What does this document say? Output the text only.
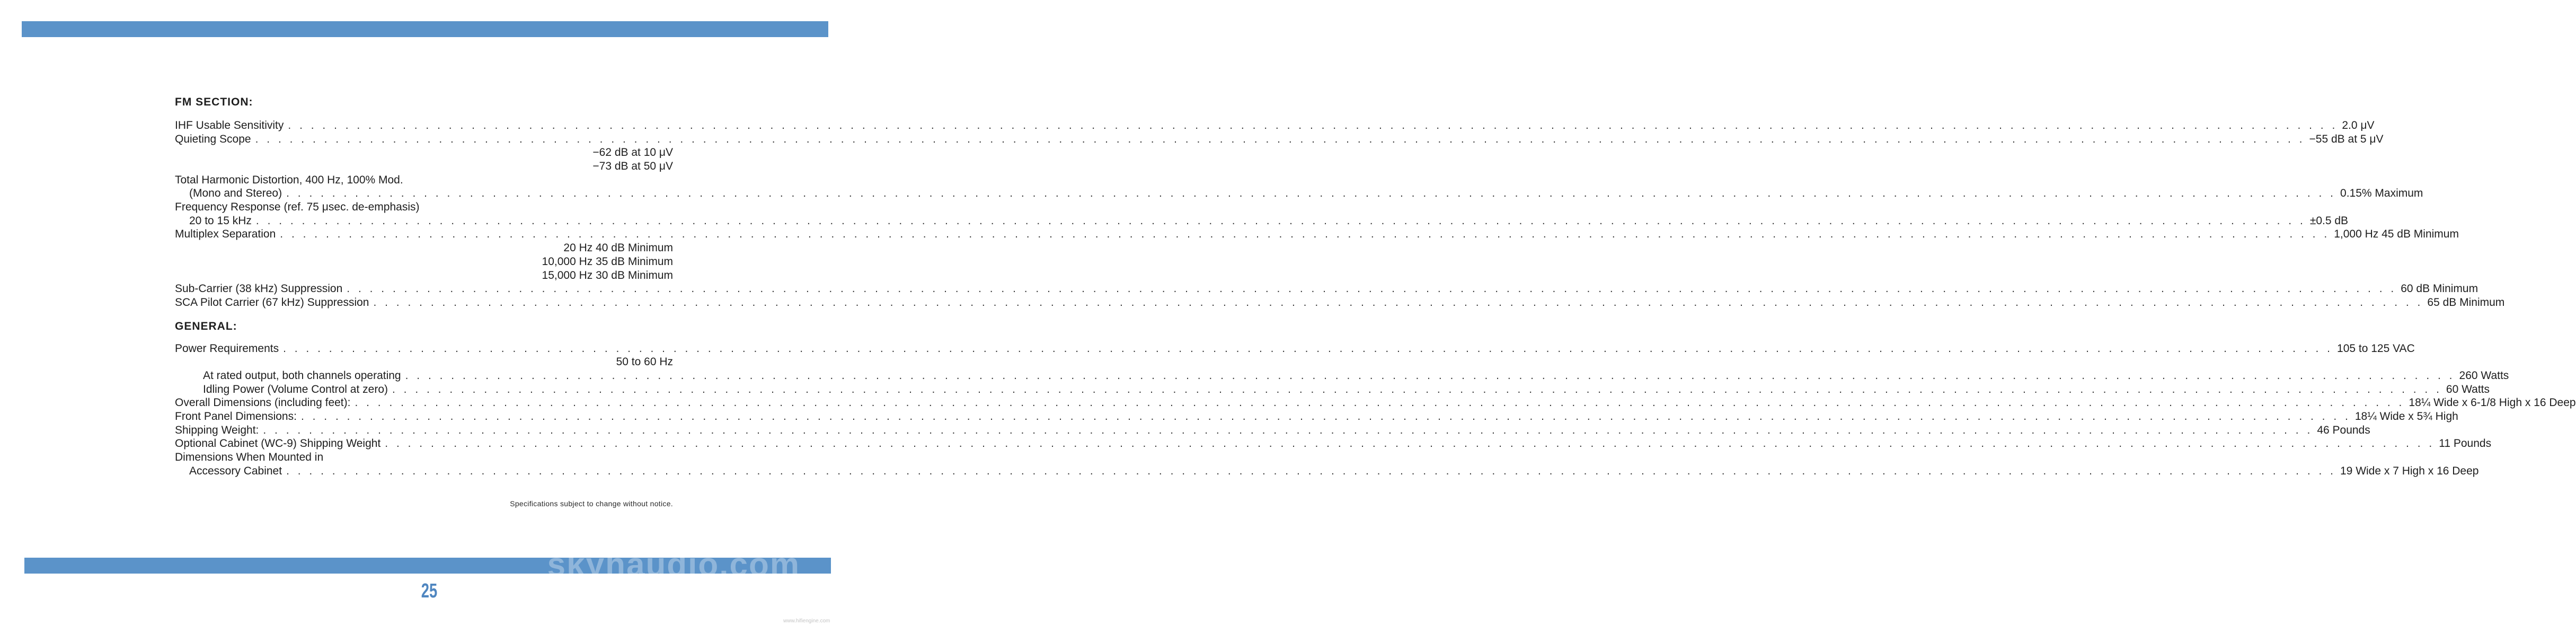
FM SECTION:
IHF Usable Sensitivity . . .	2.0 μV
Quieting Scope . . .	−55 dB at 5 μV
−62 dB at 10 μV
−73 dB at 50 μV
Total Harmonic Distortion, 400 Hz, 100% Mod.
(Mono and Stereo) . . .	0.15% Maximum
Frequency Response (ref. 75 μsec. de-emphasis)
20 to 15 kHz . . .	±0.5 dB
Multiplex Separation . . .	1,000 Hz 45 dB Minimum
20 Hz 40 dB Minimum
10,000 Hz 35 dB Minimum
15,000 Hz 30 dB Minimum
Sub-Carrier (38 kHz) Suppression . . .	60 dB Minimum
SCA Pilot Carrier (67 kHz) Suppression . . .	65 dB Minimum
GENERAL:
Power Requirements . . .	105 to 125 VAC
50 to 60 Hz
At rated output, both channels operating . . .	260 Watts
Idling Power (Volume Control at zero) . . .	60 Watts
Overall Dimensions (including feet): . . .	18¼ Wide x 6-1/8 High x 16 Deep
Front Panel Dimensions: . . .	18¼ Wide x 5¾ High
Shipping Weight: . . .	46 Pounds
Optional Cabinet (WC-9) Shipping Weight . . .	11 Pounds
Dimensions When Mounted in
Accessory Cabinet . . .	19 Wide x 7 High x 16 Deep
Specifications subject to change without notice.
skyhaudio.com
25
www.hifiengine.com
